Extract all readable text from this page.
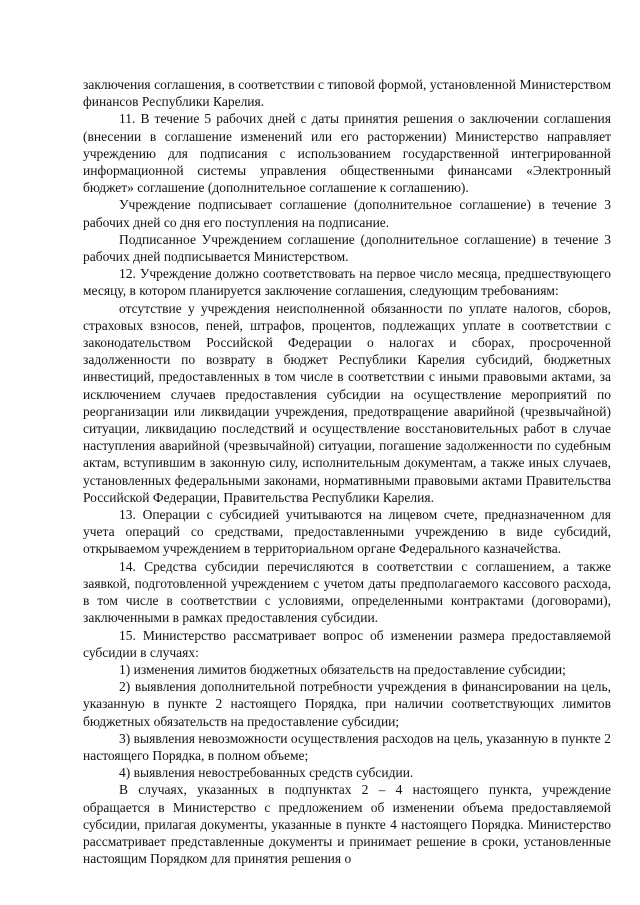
заключения соглашения, в соответствии с типовой формой, установленной Министерством финансов Республики Карелия.

11. В течение 5 рабочих дней с даты принятия решения о заключении соглашения (внесении в соглашение изменений или его расторжении) Министерство направляет учреждению для подписания с использованием государственной интегрированной информационной системы управления общественными финансами «Электронный бюджет» соглашение (дополнительное соглашение к соглашению).

Учреждение подписывает соглашение (дополнительное соглашение) в течение 3 рабочих дней со дня его поступления на подписание.

Подписанное Учреждением соглашение (дополнительное соглашение) в течение 3 рабочих дней подписывается Министерством.

12. Учреждение должно соответствовать на первое число месяца, предшествующего месяцу, в котором планируется заключение соглашения, следующим требованиям:

отсутствие у учреждения неисполненной обязанности по уплате налогов, сборов, страховых взносов, пеней, штрафов, процентов, подлежащих уплате в соответствии с законодательством Российской Федерации о налогах и сборах, просроченной задолженности по возврату в бюджет Республики Карелия субсидий, бюджетных инвестиций, предоставленных в том числе в соответствии с иными правовыми актами, за исключением случаев предоставления субсидии на осуществление мероприятий по реорганизации или ликвидации учреждения, предотвращение аварийной (чрезвычайной) ситуации, ликвидацию последствий и осуществление восстановительных работ в случае наступления аварийной (чрезвычайной) ситуации, погашение задолженности по судебным актам, вступившим в законную силу, исполнительным документам, а также иных случаев, установленных федеральными законами, нормативными правовыми актами Правительства Российской Федерации, Правительства Республики Карелия.

13. Операции с субсидией учитываются на лицевом счете, предназначенном для учета операций со средствами, предоставленными учреждению в виде субсидий, открываемом учреждением в территориальном органе Федерального казначейства.

14. Средства субсидии перечисляются в соответствии с соглашением, а также заявкой, подготовленной учреждением с учетом даты предполагаемого кассового расхода, в том числе в соответствии с условиями, определенными контрактами (договорами), заключенными в рамках предоставления субсидии.

15. Министерство рассматривает вопрос об изменении размера предоставляемой субсидии в случаях:

1) изменения лимитов бюджетных обязательств на предоставление субсидии;

2) выявления дополнительной потребности учреждения в финансировании на цель, указанную в пункте 2 настоящего Порядка, при наличии соответствующих лимитов бюджетных обязательств на предоставление субсидии;

3) выявления невозможности осуществления расходов на цель, указанную в пункте 2 настоящего Порядка, в полном объеме;

4) выявления невостребованных средств субсидии.

В случаях, указанных в подпунктах 2 – 4 настоящего пункта, учреждение обращается в Министерство с предложением об изменении объема предоставляемой субсидии, прилагая документы, указанные в пункте 4 настоящего Порядка. Министерство рассматривает представленные документы и принимает решение в сроки, установленные настоящим Порядком для принятия решения о
